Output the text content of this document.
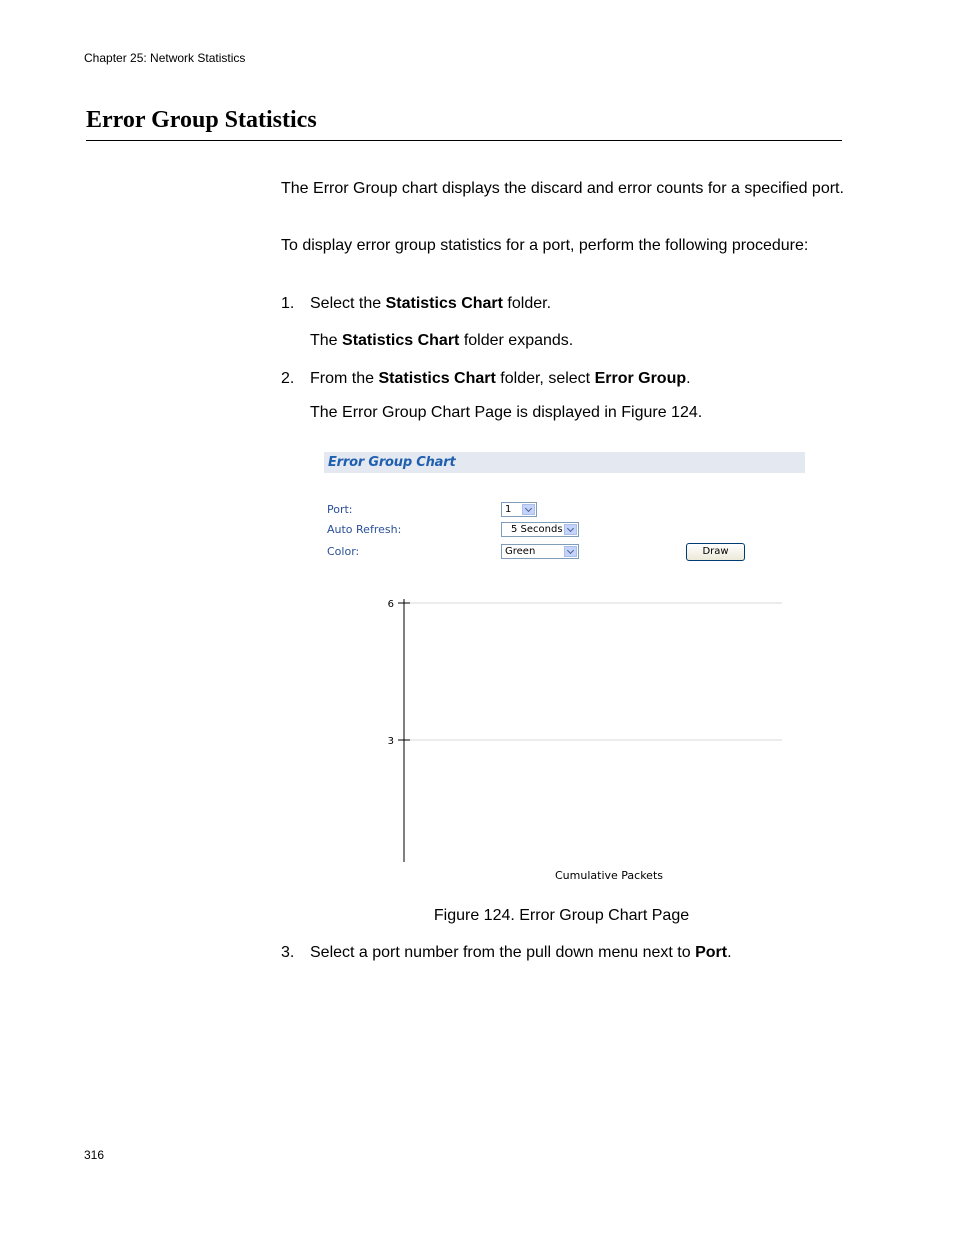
Chapter 25: Network Statistics
Error Group Statistics

The Error Group chart displays the discard and error counts for a specified port.

To display error group statistics for a port, perform the following procedure:

1. Select the Statistics Chart folder.

The Statistics Chart folder expands.

2. From the Statistics Chart folder, select Error Group.

The Error Group Chart Page is displayed in Figure 124.

Error Group Chart
Port:	1
Auto Refresh:	5 Seconds
Color:	Green	Draw
6
3
Cumulative Packets

Figure 124. Error Group Chart Page

3. Select a port number from the pull down menu next to Port.

316
